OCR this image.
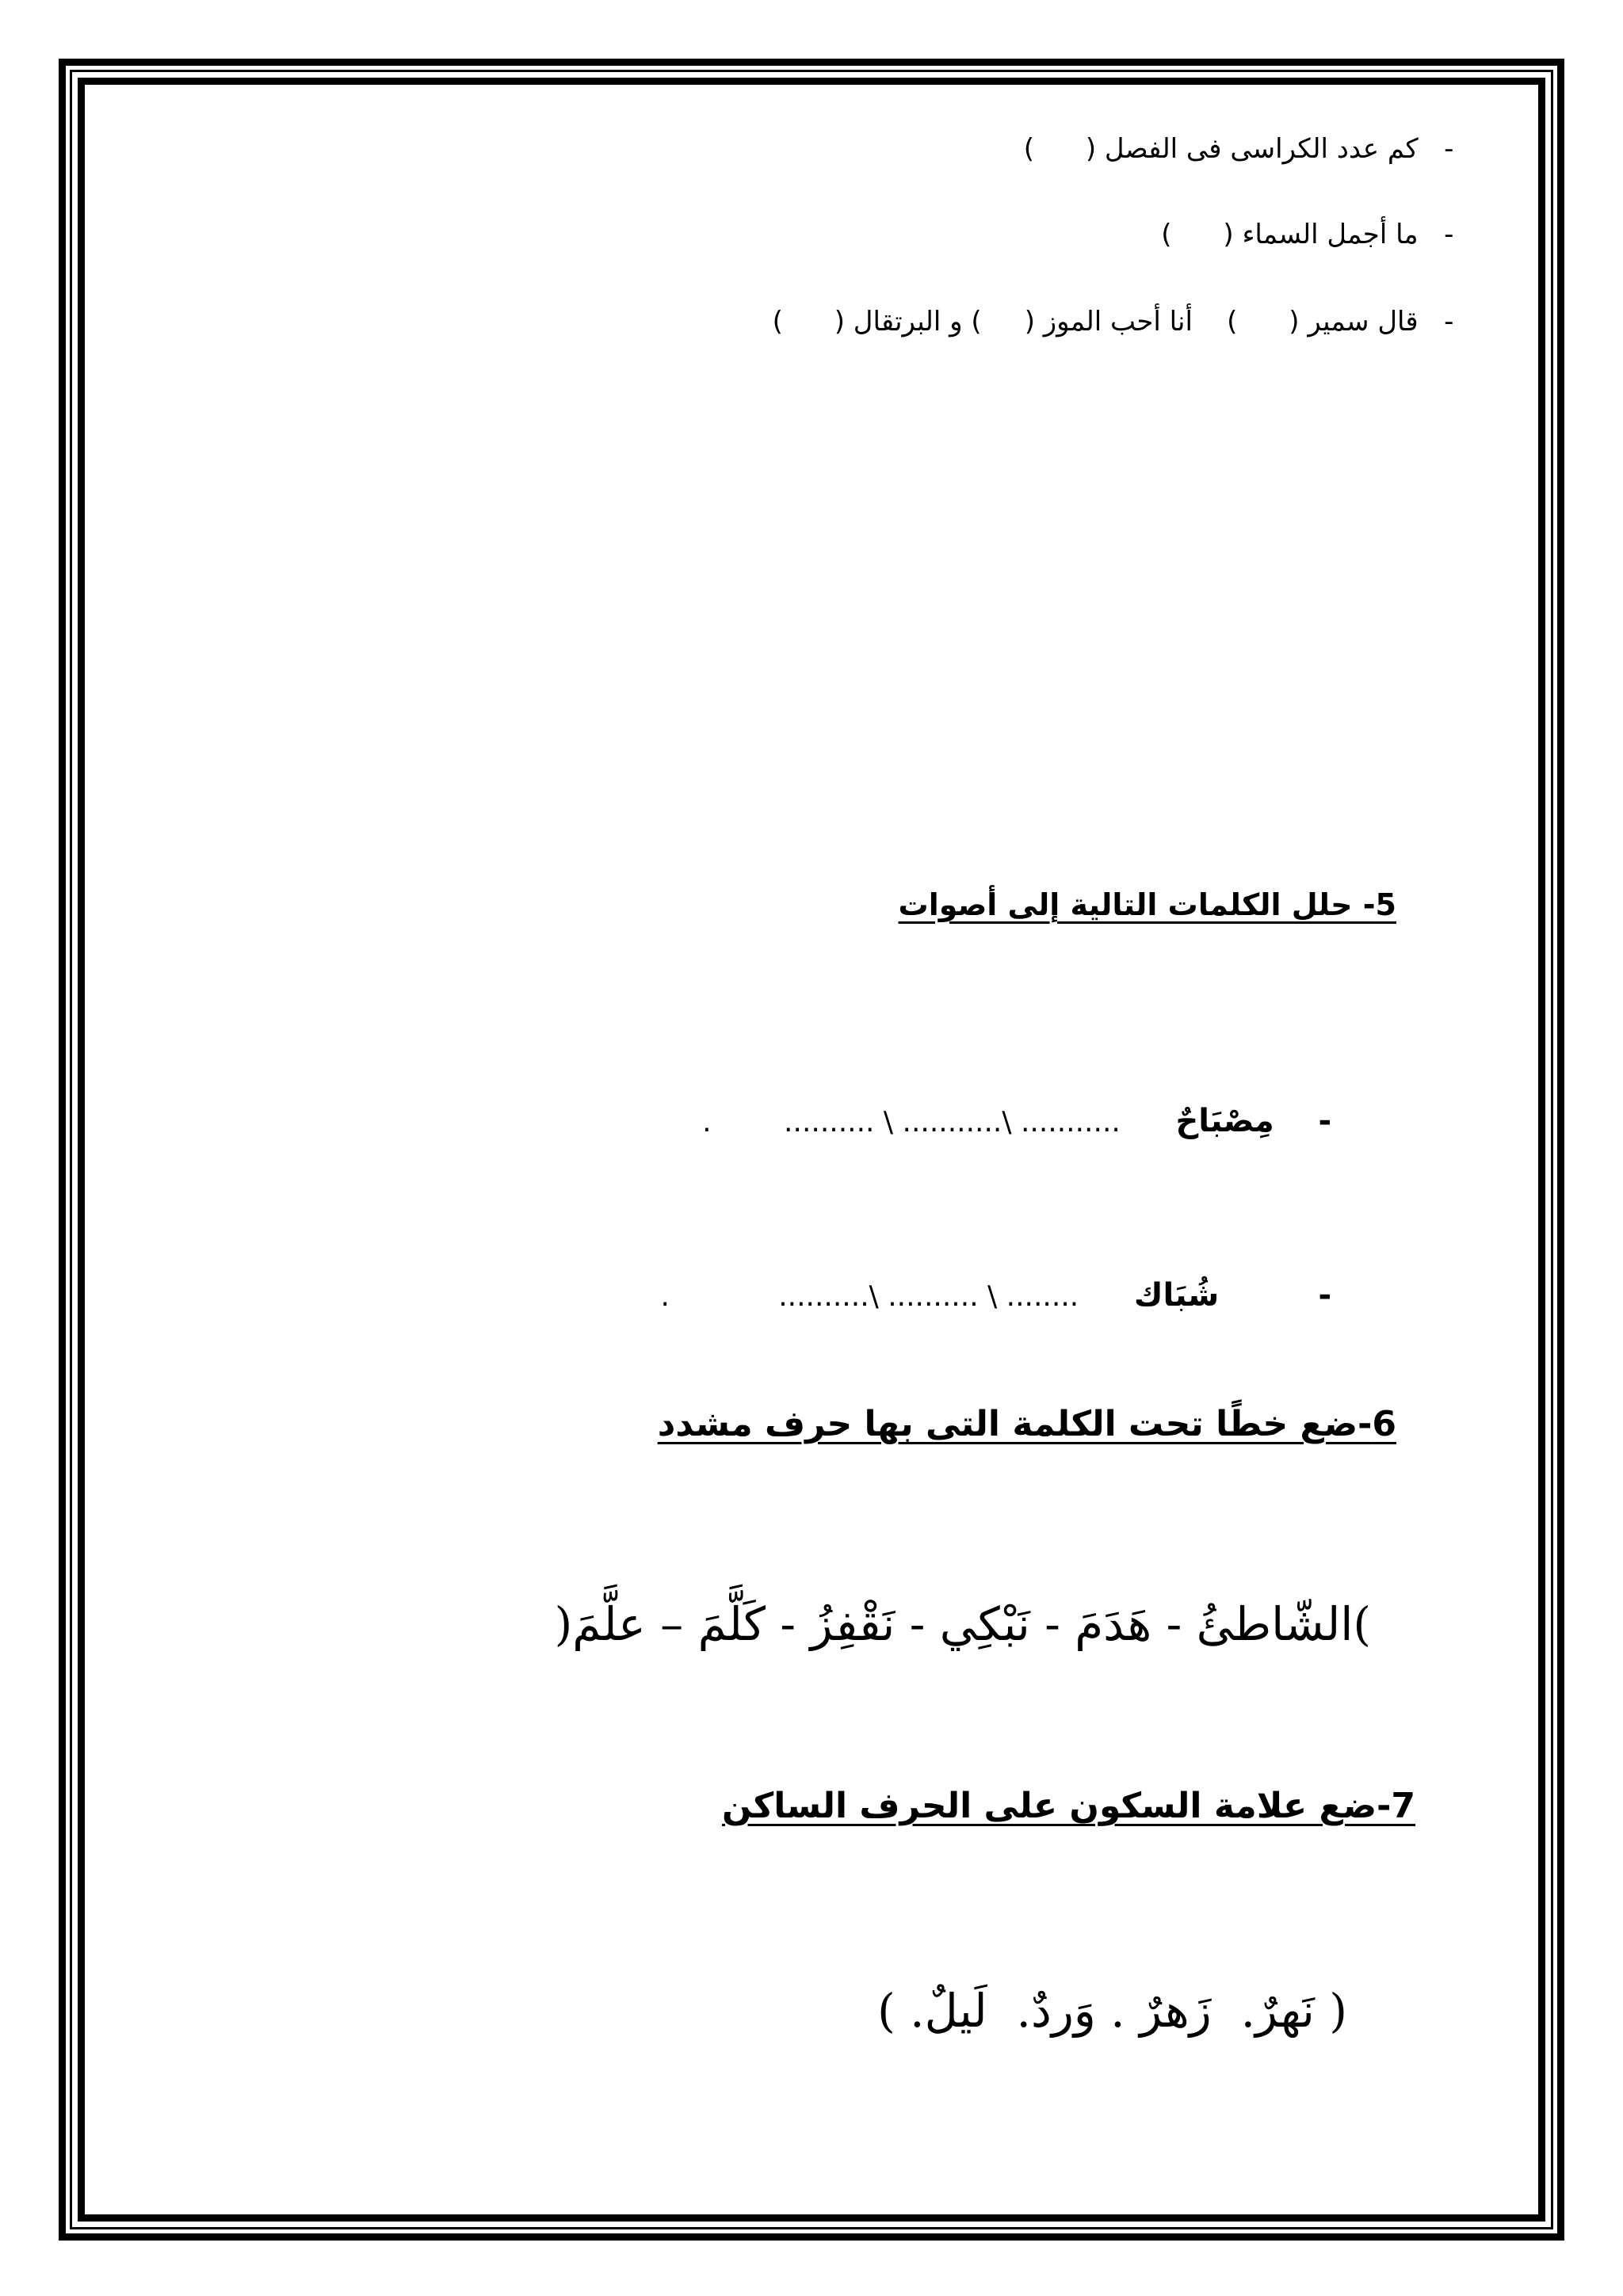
-   كم عدد الكراسى فى الفصل (      )

-   ما أجمل السماء (      )

-   قال سمير (      )    أنا أحب الموز (     ) و البرتقال (      )

5- حلل الكلمات التالية إلى أصوات

-    مِصْبَاحٌ     ........... \........... \ ..........        .

-         شُبَاك     ........ \ .......... \..........            .

6-ضع خطًا تحت الكلمة التى بها حرف مشدد
)الشّاطئُ - هَدَمَ - نَبْكِي - نَقْفِزُ - كَلَّمَ – علَّمَ(
7-ضع علامة السكون على الحرف الساكن
( نَهرٌ.  زَهرٌ . وَردٌ.  لَيلٌ. )
